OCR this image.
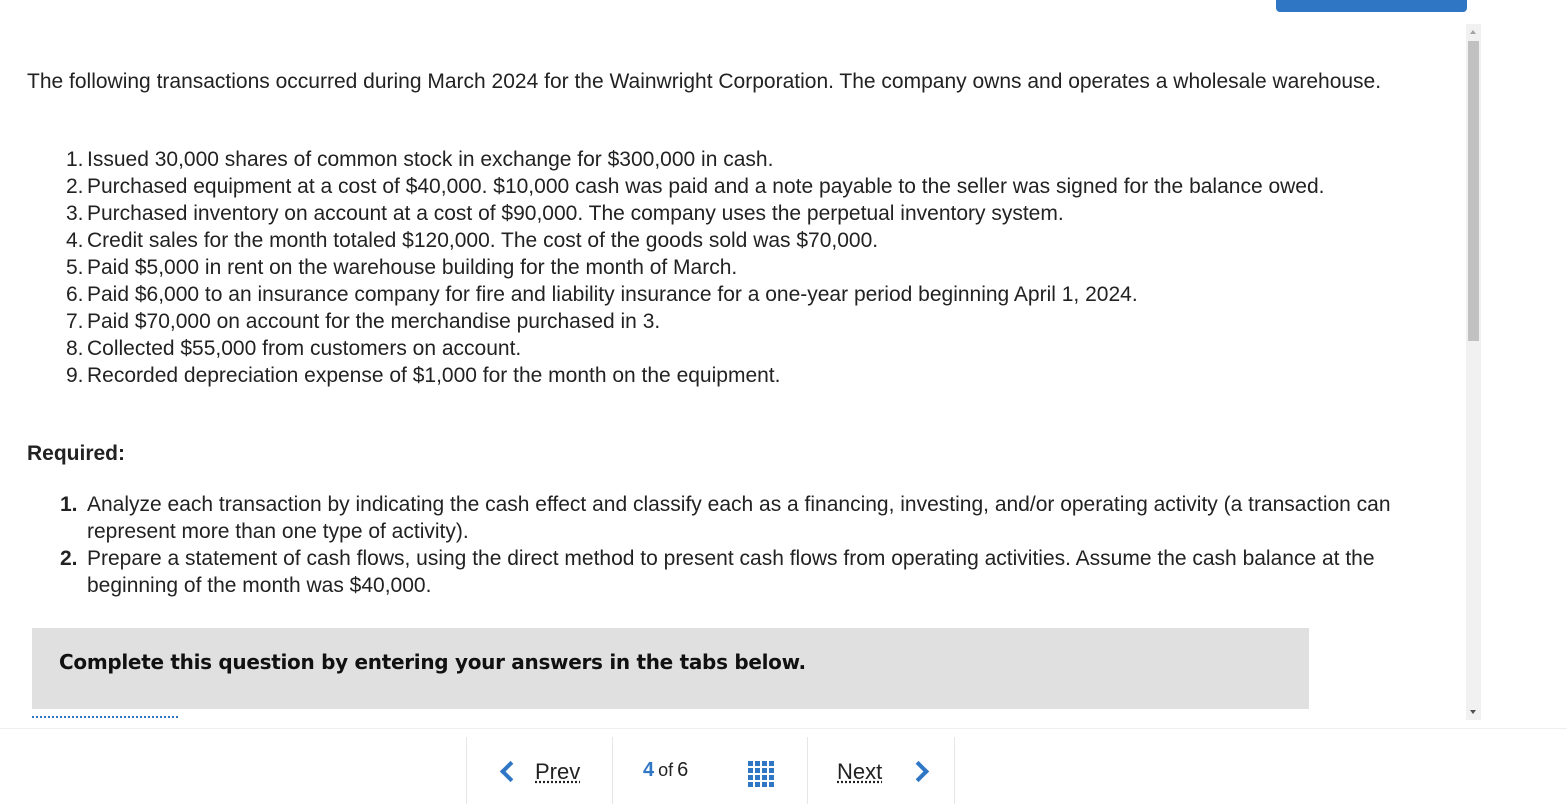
The following transactions occurred during March 2024 for the Wainwright Corporation. The company owns and operates a wholesale warehouse.

1. Issued 30,000 shares of common stock in exchange for $300,000 in cash.
2. Purchased equipment at a cost of $40,000. $10,000 cash was paid and a note payable to the seller was signed for the balance owed.
3. Purchased inventory on account at a cost of $90,000. The company uses the perpetual inventory system.
4. Credit sales for the month totaled $120,000. The cost of the goods sold was $70,000.
5. Paid $5,000 in rent on the warehouse building for the month of March.
6. Paid $6,000 to an insurance company for fire and liability insurance for a one-year period beginning April 1, 2024.
7. Paid $70,000 on account for the merchandise purchased in 3.
8. Collected $55,000 from customers on account.
9. Recorded depreciation expense of $1,000 for the month on the equipment.

Required:

1. Analyze each transaction by indicating the cash effect and classify each as a financing, investing, and/or operating activity (a transaction can represent more than one type of activity).
2. Prepare a statement of cash flows, using the direct method to present cash flows from operating activities. Assume the cash balance at the beginning of the month was $40,000.
Complete this question by entering your answers in the tabs below.
Prev	4 of 6	Next
